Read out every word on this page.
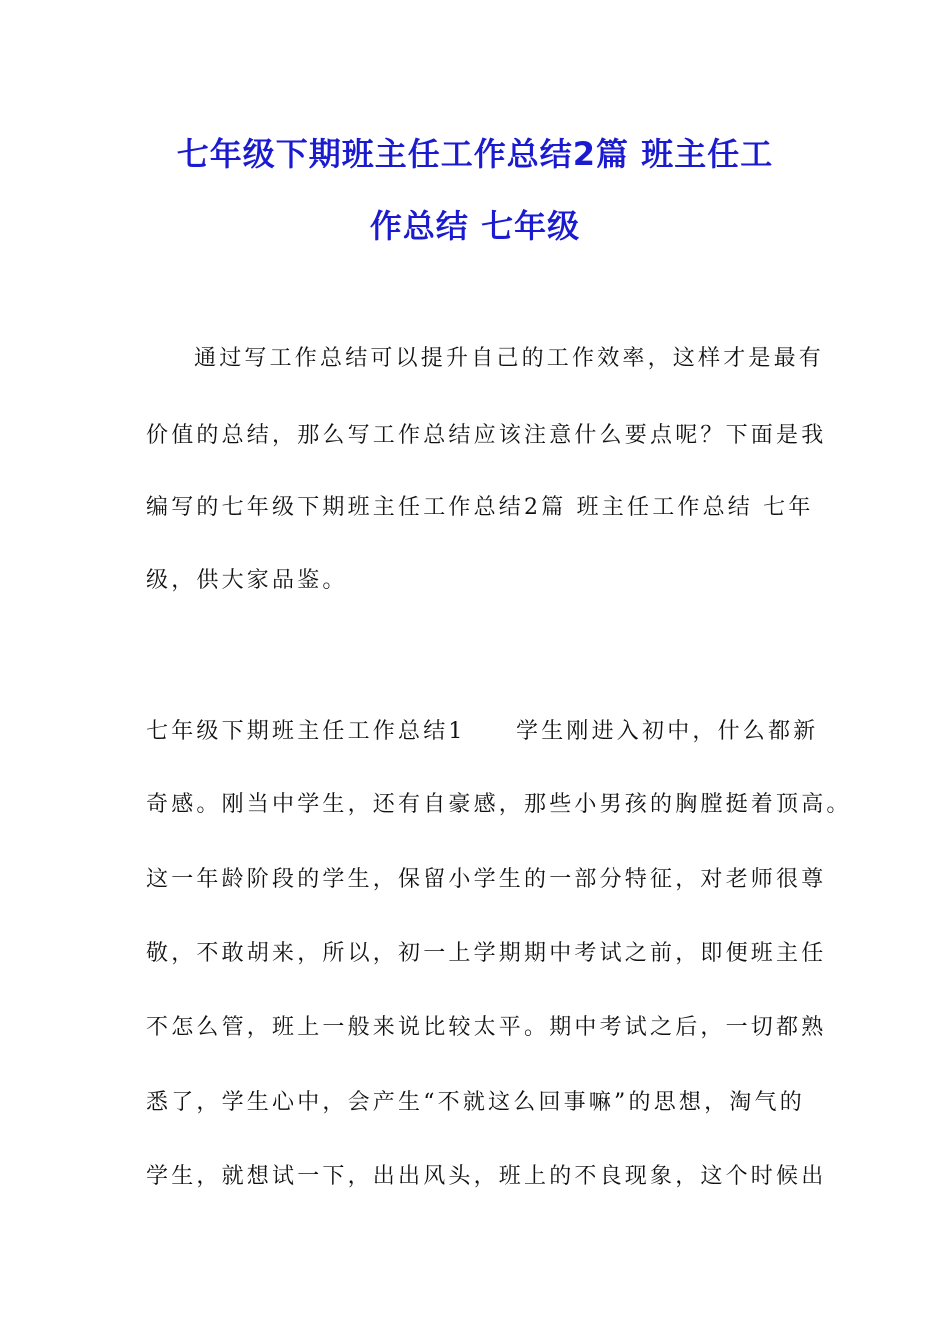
七年级下期班主任工作总结2篇 班主任工
作总结 七年级
通过写工作总结可以提升自己的工作效率，这样才是最有
价值的总结，那么写工作总结应该注意什么要点呢？下面是我
编写的七年级下期班主任工作总结2篇 班主任工作总结 七年
级，供大家品鉴。
七年级下期班主任工作总结1　　学生刚进入初中，什么都新
奇感。刚当中学生，还有自豪感，那些小男孩的胸膛挺着顶高。
这一年龄阶段的学生，保留小学生的一部分特征，对老师很尊
敬，不敢胡来，所以，初一上学期期中考试之前，即便班主任
不怎么管，班上一般来说比较太平。期中考试之后，一切都熟
悉了，学生心中，会产生“不就这么回事嘛”的思想，淘气的
学生，就想试一下，出出风头，班上的不良现象，这个时候出
